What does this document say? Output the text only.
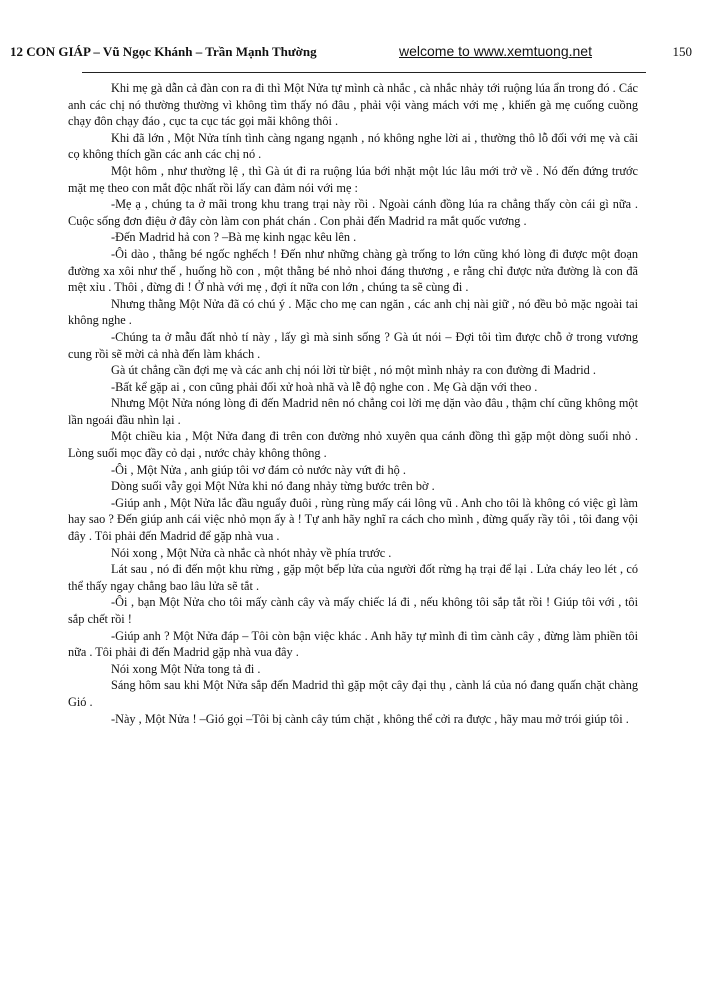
12 CON GIÁP – Vũ Ngọc Khánh – Trần Mạnh Thường	welcome to www.xemtuong.net	150

Khi mẹ gà dẫn cả đàn con ra đi thì Một Nửa tự mình cà nhắc , cà nhắc nhảy tới ruộng lúa ẩn trong đó . Các anh các chị nó thường thường vì không tìm thấy nó đâu , phải vội vàng mách với mẹ , khiến gà mẹ cuống cuồng chạy đôn chạy đáo , cục ta cục tác gọi mãi không thôi .

Khi đã lớn , Một Nửa tính tình càng ngang ngạnh , nó không nghe lời ai , thường thô lỗ đối với mẹ và cãi cọ không thích gần các anh các chị nó .

Một hôm , như thường lệ , thì Gà út đi ra ruộng lúa bới nhặt một lúc lâu mới trở về . Nó đến đứng trước mặt mẹ theo con mắt độc nhất rồi lấy can đảm nói với mẹ :

-Mẹ ạ , chúng ta ở mãi trong khu trang trại này rồi . Ngoài cánh đồng lúa ra chẳng thấy còn cái gì nữa . Cuộc sống đơn điệu ở đây còn làm con phát chán . Con phải đến Madrid ra mắt quốc vương .

-Đến Madrid hả con ? –Bà mẹ kinh ngạc kêu lên .

-Ôi dào , thằng bé ngốc nghếch ! Đến như những chàng gà trống to lớn cũng khó lòng đi được một đoạn đường xa xôi như thế , huống hồ con , một thằng bé nhỏ nhoi đáng thương , e rằng chỉ được nửa đường là con đã mệt xỉu . Thôi , đừng đi ! Ở nhà với mẹ , đợi ít nữa con lớn , chúng ta sẽ cùng đi .

Nhưng thằng Một Nửa đã có chú ý . Mặc cho mẹ can ngăn , các anh chị nài giữ , nó đều bỏ mặc ngoài tai không nghe .

-Chúng ta ở mẫu đất nhỏ tí này , lấy gì mà sinh sống ? Gà út nói – Đợi tôi tìm được chỗ ở trong vương cung rồi sẽ mời cả nhà đến làm khách .

Gà út chẳng cần đợi mẹ và các anh chị nói lời từ biệt , nó một mình nhảy ra con đường đi Madrid .

-Bất kể gặp ai , con cũng phải đối xử hoà nhã và lễ độ nghe con . Mẹ Gà dặn với theo .

Nhưng Một Nửa nóng lòng đi đến Madrid nên nó chẳng coi lời mẹ dặn vào đâu , thậm chí cũng không một lần ngoái đầu nhìn lại .

Một chiều kia , Một Nửa đang đi trên con đường nhỏ xuyên qua cánh đồng thì gặp một dòng suối nhỏ . Lòng suối mọc đầy cỏ dại , nước chảy không thông .

-Ôi , Một Nửa , anh giúp tôi vơ đám cỏ nước này vứt đi hộ .

Dòng suối vẫy gọi Một Nửa khi nó đang nhảy từng bước trên bờ .

-Giúp anh , Một Nửa lắc đầu nguẩy đuôi , rùng rùng mấy cái lông vũ . Anh cho tôi là không có việc gì làm hay sao ? Đến giúp anh cái việc nhỏ mọn ấy à ! Tự anh hãy nghĩ ra cách cho mình , đừng quấy rầy tôi , tôi đang vội đây . Tôi phải đến Madrid để gặp nhà vua .

Nói xong , Một Nửa cà nhắc cà nhót nhảy về phía trước .

Lát sau , nó đi đến một khu rừng , gặp một bếp lửa của người đốt rừng hạ trại để lại . Lửa cháy leo lét , có thể thấy ngay chẳng bao lâu lửa sẽ tắt .

-Ôi , bạn Một Nửa cho tôi mấy cành cây và mấy chiếc lá đi , nếu không tôi sắp tắt rồi ! Giúp tôi với , tôi sắp chết rồi !

-Giúp anh ? Một Nửa đáp – Tôi còn bận việc khác . Anh hãy tự mình đi tìm cành cây , đừng làm phiền tôi nữa . Tôi phải đi đến Madrid gặp nhà vua đây .

Nói xong Một Nửa tong tả đi .

Sáng hôm sau khi Một Nửa sắp đến Madrid thì gặp một cây đại thụ , cành lá của nó đang quấn chặt chàng Gió .

-Này , Một Nửa ! –Gió gọi –Tôi bị cành cây túm chặt , không thể cởi ra được , hãy mau mở trói giúp tôi .
